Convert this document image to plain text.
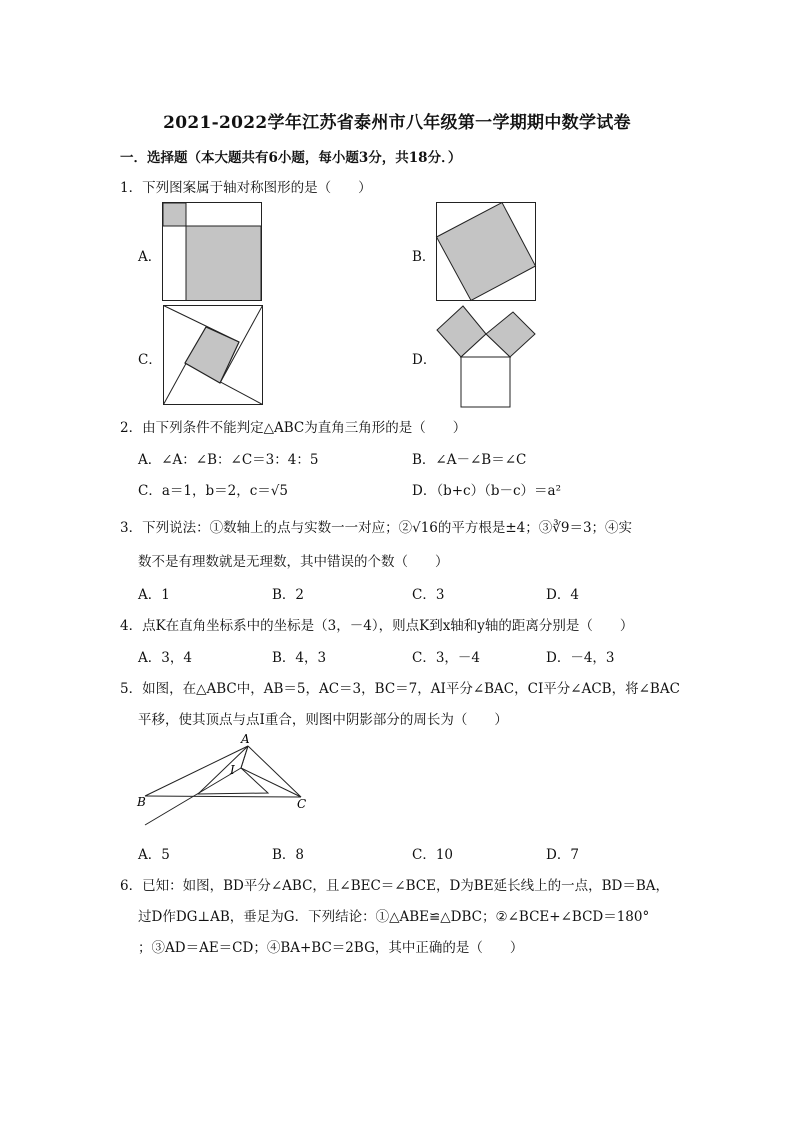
2021-2022学年江苏省泰州市八年级第一学期期中数学试卷
一．选择题（本大题共有6小题，每小题3分，共18分．）
1．下列图案属于轴对称图形的是（　　）
A．	B．
C．	D．
2．由下列条件不能判定△ABC为直角三角形的是（　　）
A．∠A：∠B：∠C＝3：4：5	B．∠A－∠B＝∠C
C．a＝1，b＝2，c＝√5	D．（b+c）（b－c）＝a²
3．下列说法：①数轴上的点与实数一一对应；②√16的平方根是±4；③∛9＝3；④实
数不是有理数就是无理数，其中错误的个数（　　）
A．1	B．2	C．3	D．4
4．点K在直角坐标系中的坐标是（3，－4），则点K到x轴和y轴的距离分别是（　　）
A．3，4	B．4，3	C．3，－4	D．－4，3
5．如图，在△ABC中，AB＝5，AC＝3，BC＝7，AI平分∠BAC，CI平分∠ACB，将∠BAC
平移，使其顶点与点I重合，则图中阴影部分的周长为（　　）
A
I
B	C
A．5	B．8	C．10	D．7
6．已知：如图，BD平分∠ABC，且∠BEC＝∠BCE，D为BE延长线上的一点，BD＝BA，
过D作DG⊥AB，垂足为G．下列结论：①△ABE≌△DBC；②∠BCE+∠BCD＝180°
；③AD＝AE＝CD；④BA+BC＝2BG，其中正确的是（　　）
